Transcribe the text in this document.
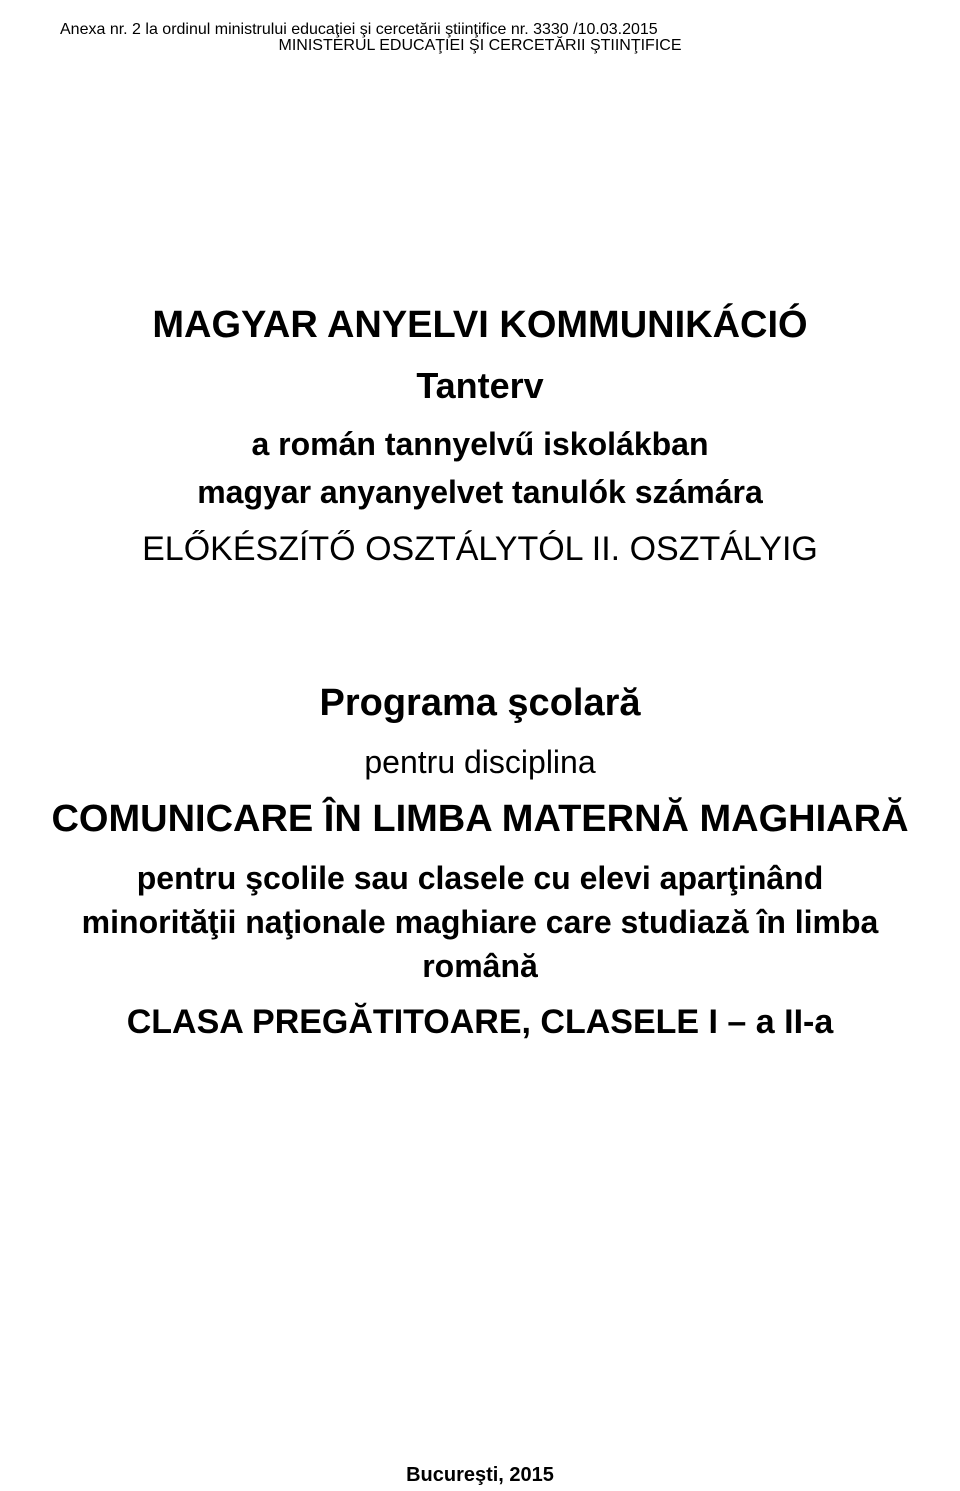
Anexa nr. 2 la ordinul ministrului educaţiei şi cercetării ştiinţifice nr. 3330 /10.03.2015

MINISTERUL EDUCAŢIEI ŞI CERCETĂRII ŞTIINŢIFICE

MAGYAR ANYELVI KOMMUNIKÁCIÓ
Tanterv

a román tannyelvű iskolákban

magyar anyanyelvet tanulók számára

ELŐKÉSZÍTŐ OSZTÁLYTÓL II. OSZTÁLYIG

Programa şcolară

pentru disciplina

COMUNICARE ÎN LIMBA MATERNĂ MAGHIARĂ

pentru şcolile sau clasele cu elevi aparţinând

minorităţii naţionale maghiare care studiază în limba

română

CLASA PREGĂTITOARE, CLASELE I – a II-a

Bucureşti, 2015
